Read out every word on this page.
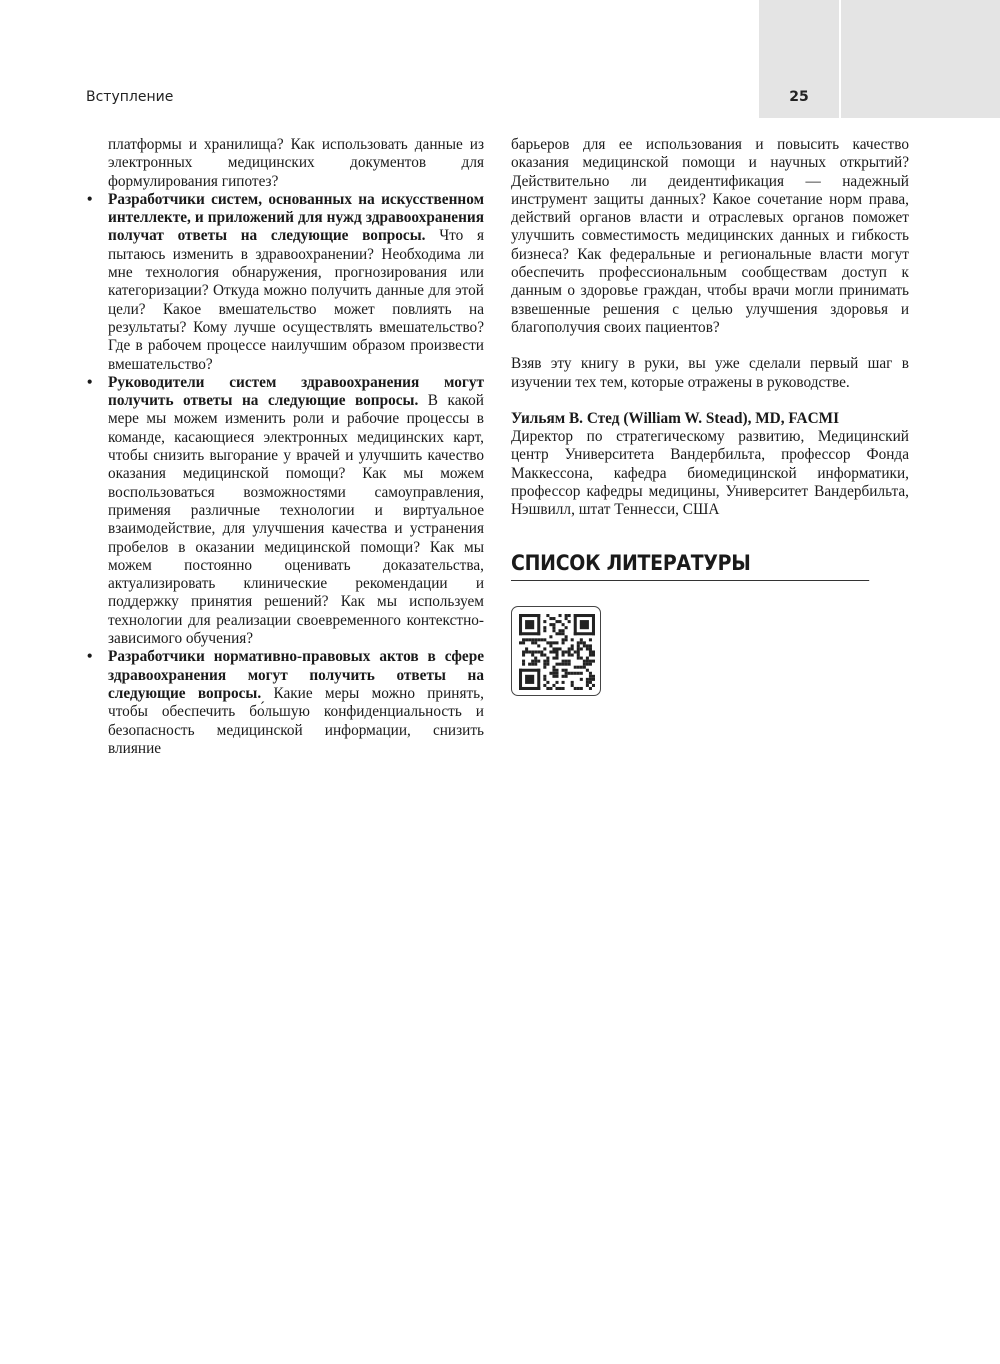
25
Вступление

платформы и хранилища? Как использовать данные из электронных медицинских документов для формулирования гипотез?

• Разработчики систем, основанных на искусственном интеллекте, и приложений для нужд здравоохранения получат ответы на следующие вопросы. Что я пытаюсь изменить в здравоохранении? Необходима ли мне технология обнаружения, прогнозирования или категоризации? Откуда можно получить данные для этой цели? Какое вмешательство может повлиять на результаты? Кому лучше осуществлять вмешательство? Где в рабочем процессе наилучшим образом произвести вмешательство?
• Руководители систем здравоохранения могут получить ответы на следующие вопросы. В какой мере мы можем изменить роли и рабочие процессы в команде, касающиеся электронных медицинских карт, чтобы снизить выгорание у врачей и улучшить качество оказания медицинской помощи? Как мы можем воспользоваться возможностями самоуправления, применяя различные технологии и виртуальное взаимодействие, для улучшения качества и устранения пробелов в оказании медицинской помощи? Как мы можем постоянно оценивать доказательства, актуализировать клинические рекомендации и поддержку принятия решений? Как мы используем технологии для реализации своевременного контекстно-зависимого обучения?
• Разработчики нормативно-правовых актов в сфере здравоохранения могут получить ответы на следующие вопросы. Какие меры можно принять, чтобы обеспечить бо́льшую конфиденциальность и безопасность медицинской информации, снизить влияние

барьеров для ее использования и повысить качество оказания медицинской помощи и научных открытий? Действительно ли деидентификация — надежный инструмент защиты данных? Какое сочетание норм права, действий органов власти и отраслевых органов поможет улучшить совместимость медицинских данных и гибкость бизнеса? Как федеральные и региональные власти могут обеспечить профессиональным сообществам доступ к данным о здоровье граждан, чтобы врачи могли принимать взвешенные решения с целью улучшения здоровья и благополучия своих пациентов?

Взяв эту книгу в руки, вы уже сделали первый шаг в изучении тех тем, которые отражены в руководстве.

Уильям В. Стед (William W. Stead), MD, FACMI

Директор по стратегическому развитию, Медицинский центр Университета Вандербильта, профессор Фонда Маккессона, кафедра биомедицинской информатики, профессор кафедры медицины, Университет Вандербильта, Нэшвилл, штат Теннесси, США

СПИСОК ЛИТЕРАТУРЫ
